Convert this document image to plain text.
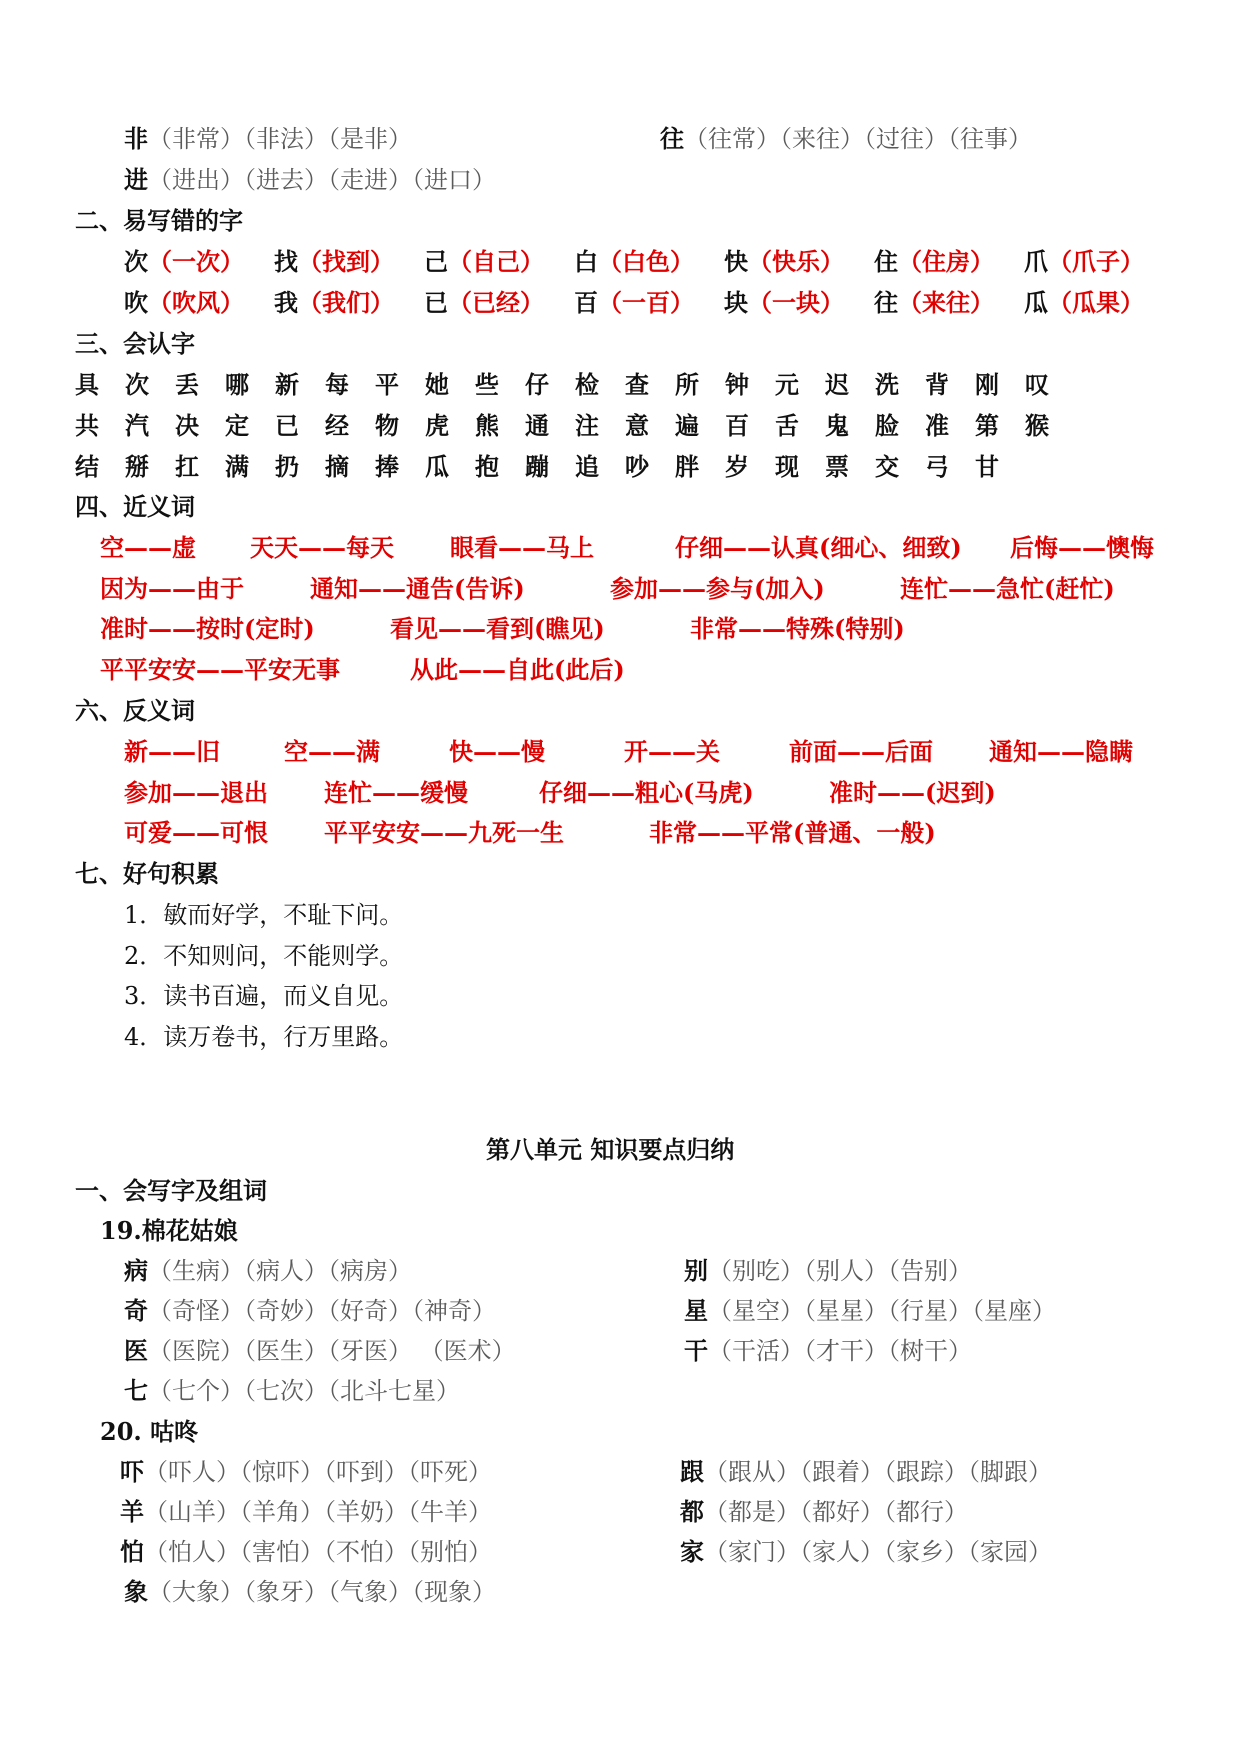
非（非常）（非法）（是非）	往（往常）（来往）（过往）（往事）
进（进出）（进去）（走进）（进口）
二、易写错的字
次（一次） 找（找到） 己（自己） 白（白色） 快（快乐） 住（住房） 爪（爪子）
吹（吹风） 我（我们） 已（已经） 百（一百） 块（一块） 往（来往） 瓜（瓜果）
三、会认字
具 次 丢 哪 新 每 平 她 些 仔 检 查 所 钟 元 迟 洗 背 刚 叹
共 汽 决 定 已 经 物 虎 熊 通 注 意 遍 百 舌 鬼 脸 准 第 猴
结 掰 扛 满 扔 摘 捧 瓜 抱 蹦 追 吵 胖 岁 现 票 交 弓 甘
四、近义词
空——虚 天天——每天 眼看——马上	仔细——认真(细心、细致) 后悔——懊悔
因为——由于	通知——通告(告诉)	参加——参与(加入)	连忙——急忙(赶忙)
准时——按时(定时)	看见——看到(瞧见)	非常——特殊(特别)
平平安安——平安无事	从此——自此(此后)
六、反义词
新——旧	空——满	快——慢	开——关	前面——后面 通知——隐瞒
参加——退出 连忙——缓慢	仔细——粗心(马虎)	准时——(迟到)
可爱——可恨 平平安安——九死一生	非常——平常(普通、一般)
七、好句积累
1．敏而好学，不耻下问。
2．不知则问，不能则学。
3．读书百遍，而义自见。
4．读万卷书，行万里路。
第八单元 知识要点归纳
一、会写字及组词
19.棉花姑娘
病（生病）（病人）（病房）	别（别吃）（别人）（告别）
奇（奇怪）（奇妙）（好奇）（神奇）	星（星空）（星星）（行星）（星座）
医（医院）（医生）（牙医） （医术）	干（干活）（才干）（树干）
七（七个）（七次）（北斗七星）
20. 咕咚
吓（吓人）（惊吓）（吓到）（吓死）	跟（跟从）（跟着）（跟踪）（脚跟）
羊（山羊）（羊角）（羊奶）（牛羊）	都（都是）（都好）（都行）
怕（怕人）（害怕）（不怕）（别怕）	家（家门）（家人）（家乡）（家园）
象（大象）（象牙）（气象）（现象）
